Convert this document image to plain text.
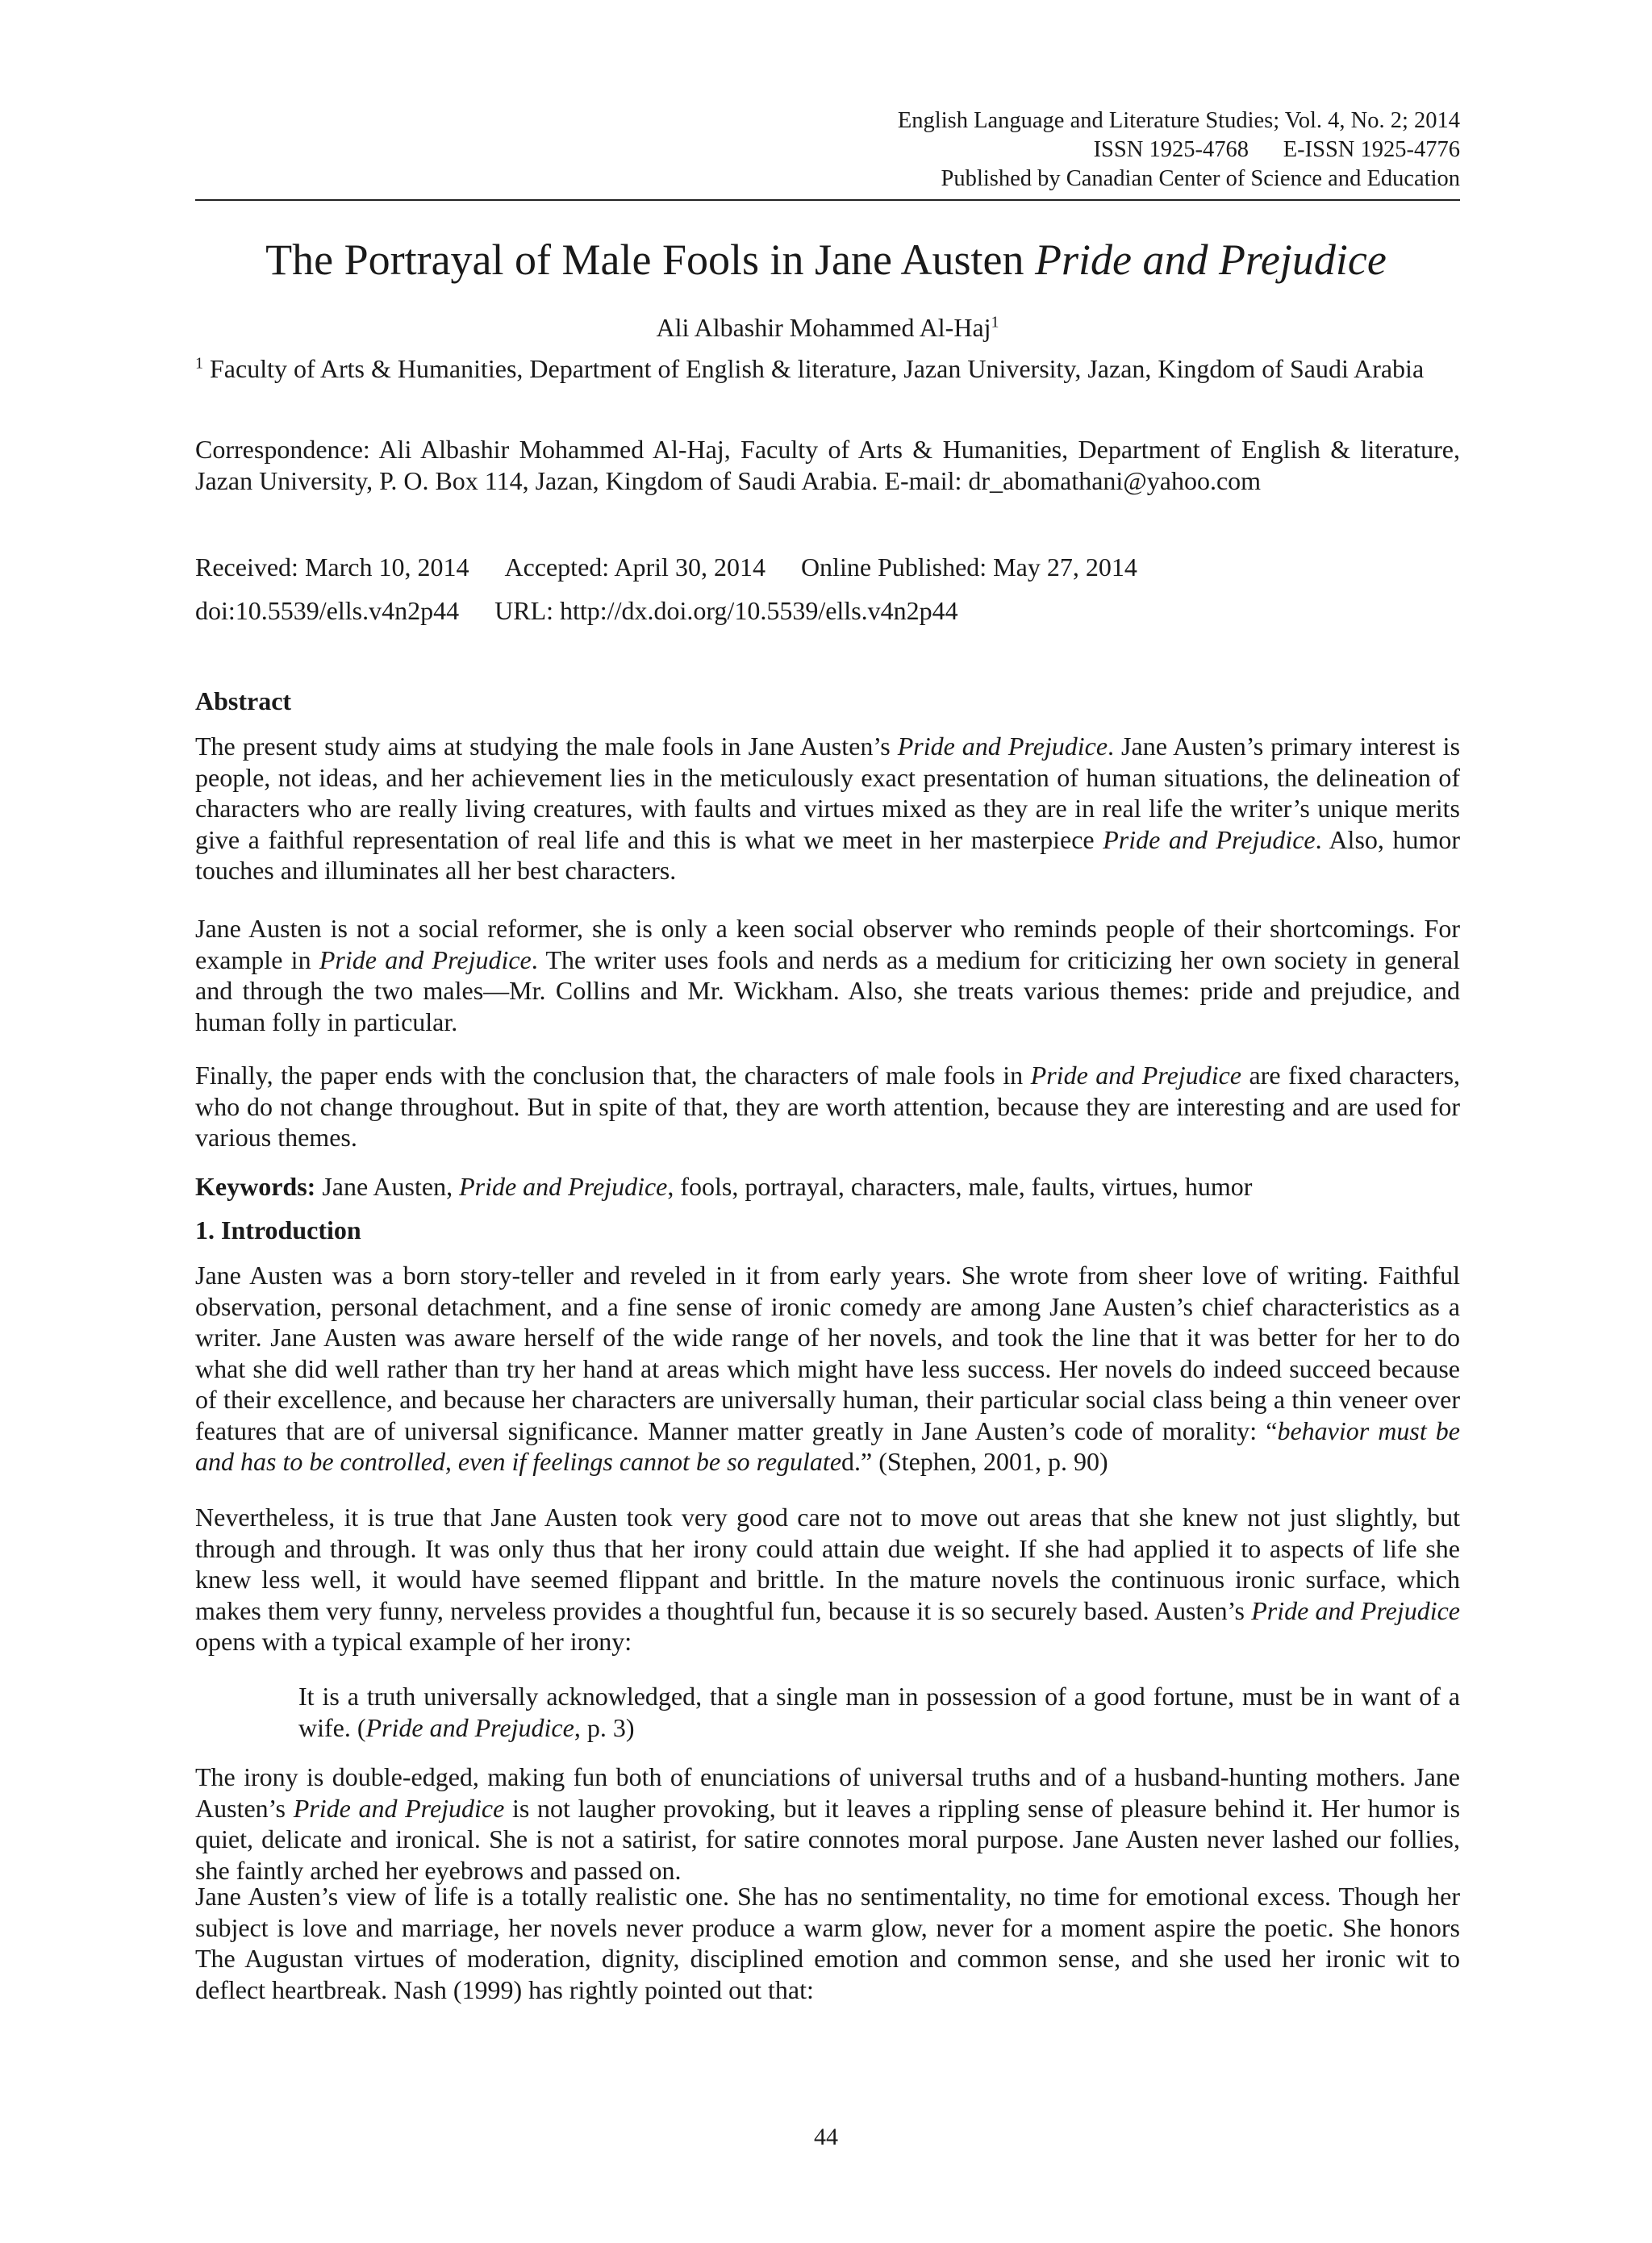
English Language and Literature Studies; Vol. 4, No. 2; 2014
ISSN 1925-4768      E-ISSN 1925-4776
Published by Canadian Center of Science and Education
The Portrayal of Male Fools in Jane Austen Pride and Prejudice
Ali Albashir Mohammed Al-Haj$^1$
$^1$ Faculty of Arts & Humanities, Department of English & literature, Jazan University, Jazan, Kingdom of Saudi Arabia
Correspondence: Ali Albashir Mohammed Al-Haj, Faculty of Arts & Humanities, Department of English & literature, Jazan University, P. O. Box 114, Jazan, Kingdom of Saudi Arabia. E-mail: dr_abomathani@yahoo.com
Received: March 10, 2014 Accepted: April 30, 2014 Online Published: May 27, 2014
doi:10.5539/ells.v4n2p44 URL: http://dx.doi.org/10.5539/ells.v4n2p44
Abstract
The present study aims at studying the male fools in Jane Austen’s Pride and Prejudice. Jane Austen’s primary interest is people, not ideas, and her achievement lies in the meticulously exact presentation of human situations, the delineation of characters who are really living creatures, with faults and virtues mixed as they are in real life the writer’s unique merits give a faithful representation of real life and this is what we meet in her masterpiece Pride and Prejudice. Also, humor touches and illuminates all her best characters.
Jane Austen is not a social reformer, she is only a keen social observer who reminds people of their shortcomings. For example in Pride and Prejudice. The writer uses fools and nerds as a medium for criticizing her own society in general and through the two males—Mr. Collins and Mr. Wickham. Also, she treats various themes: pride and prejudice, and human folly in particular.
Finally, the paper ends with the conclusion that, the characters of male fools in Pride and Prejudice are fixed characters, who do not change throughout. But in spite of that, they are worth attention, because they are interesting and are used for various themes.
Keywords: Jane Austen, Pride and Prejudice, fools, portrayal, characters, male, faults, virtues, humor
1. Introduction
Jane Austen was a born story-teller and reveled in it from early years. She wrote from sheer love of writing. Faithful observation, personal detachment, and a fine sense of ironic comedy are among Jane Austen’s chief characteristics as a writer. Jane Austen was aware herself of the wide range of her novels, and took the line that it was better for her to do what she did well rather than try her hand at areas which might have less success. Her novels do indeed succeed because of their excellence, and because her characters are universally human, their particular social class being a thin veneer over features that are of universal significance. Manner matter greatly in Jane Austen’s code of morality: “behavior must be and has to be controlled, even if feelings cannot be so regulated.” (Stephen, 2001, p. 90)
Nevertheless, it is true that Jane Austen took very good care not to move out areas that she knew not just slightly, but through and through. It was only thus that her irony could attain due weight. If she had applied it to aspects of life she knew less well, it would have seemed flippant and brittle. In the mature novels the continuous ironic surface, which makes them very funny, nerveless provides a thoughtful fun, because it is so securely based. Austen’s Pride and Prejudice opens with a typical example of her irony:
It is a truth universally acknowledged, that a single man in possession of a good fortune, must be in want of a wife. (Pride and Prejudice, p. 3)
The irony is double-edged, making fun both of enunciations of universal truths and of a husband-hunting mothers. Jane Austen’s Pride and Prejudice is not laugher provoking, but it leaves a rippling sense of pleasure behind it. Her humor is quiet, delicate and ironical. She is not a satirist, for satire connotes moral purpose. Jane Austen never lashed our follies, she faintly arched her eyebrows and passed on.
Jane Austen’s view of life is a totally realistic one. She has no sentimentality, no time for emotional excess. Though her subject is love and marriage, her novels never produce a warm glow, never for a moment aspire the poetic. She honors The Augustan virtues of moderation, dignity, disciplined emotion and common sense, and she used her ironic wit to deflect heartbreak. Nash (1999) has rightly pointed out that:
44
